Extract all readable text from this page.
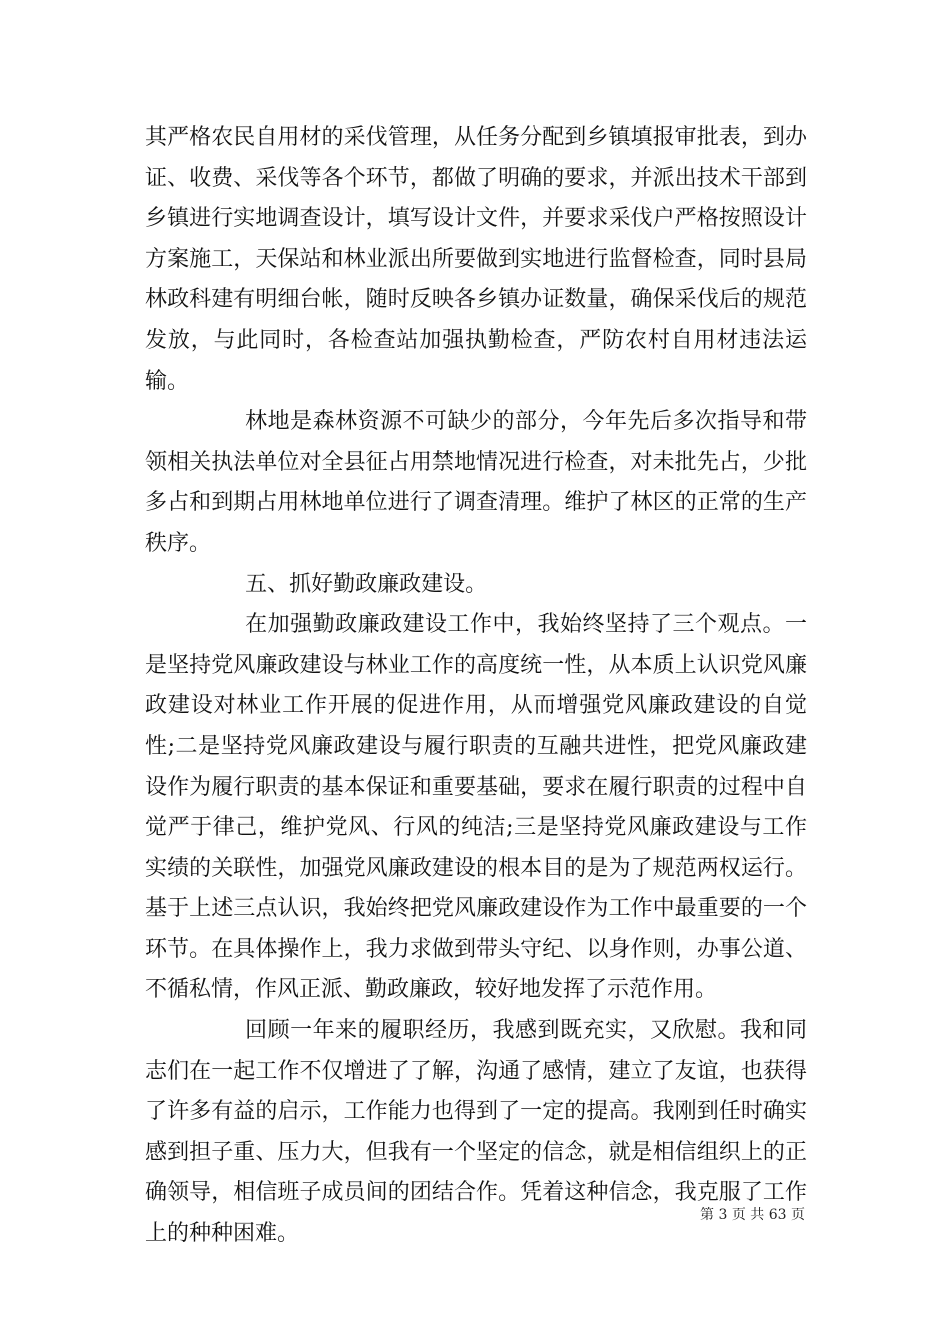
其严格农民自用材的采伐管理，从任务分配到乡镇填报审批表，到办证、收费、采伐等各个环节，都做了明确的要求，并派出技术干部到乡镇进行实地调查设计，填写设计文件，并要求采伐户严格按照设计方案施工，天保站和林业派出所要做到实地进行监督检查，同时县局林政科建有明细台帐，随时反映各乡镇办证数量，确保采伐后的规范发放，与此同时，各检查站加强执勤检查，严防农村自用材违法运输。

林地是森林资源不可缺少的部分，今年先后多次指导和带领相关执法单位对全县征占用禁地情况进行检查，对未批先占，少批多占和到期占用林地单位进行了调查清理。维护了林区的正常的生产秩序。

五、抓好勤政廉政建设。

在加强勤政廉政建设工作中，我始终坚持了三个观点。一是坚持党风廉政建设与林业工作的高度统一性，从本质上认识党风廉政建设对林业工作开展的促进作用，从而增强党风廉政建设的自觉性;二是坚持党风廉政建设与履行职责的互融共进性，把党风廉政建设作为履行职责的基本保证和重要基础，要求在履行职责的过程中自觉严于律己，维护党风、行风的纯洁;三是坚持党风廉政建设与工作实绩的关联性，加强党风廉政建设的根本目的是为了规范两权运行。基于上述三点认识，我始终把党风廉政建设作为工作中最重要的一个环节。在具体操作上，我力求做到带头守纪、以身作则，办事公道、不循私情，作风正派、勤政廉政，较好地发挥了示范作用。

回顾一年来的履职经历，我感到既充实，又欣慰。我和同志们在一起工作不仅增进了了解，沟通了感情，建立了友谊，也获得了许多有益的启示，工作能力也得到了一定的提高。我刚到任时确实感到担子重、压力大，但我有一个坚定的信念，就是相信组织上的正确领导，相信班子成员间的团结合作。凭着这种信念，我克服了工作上的种种困难。

第 3 页 共 63 页
